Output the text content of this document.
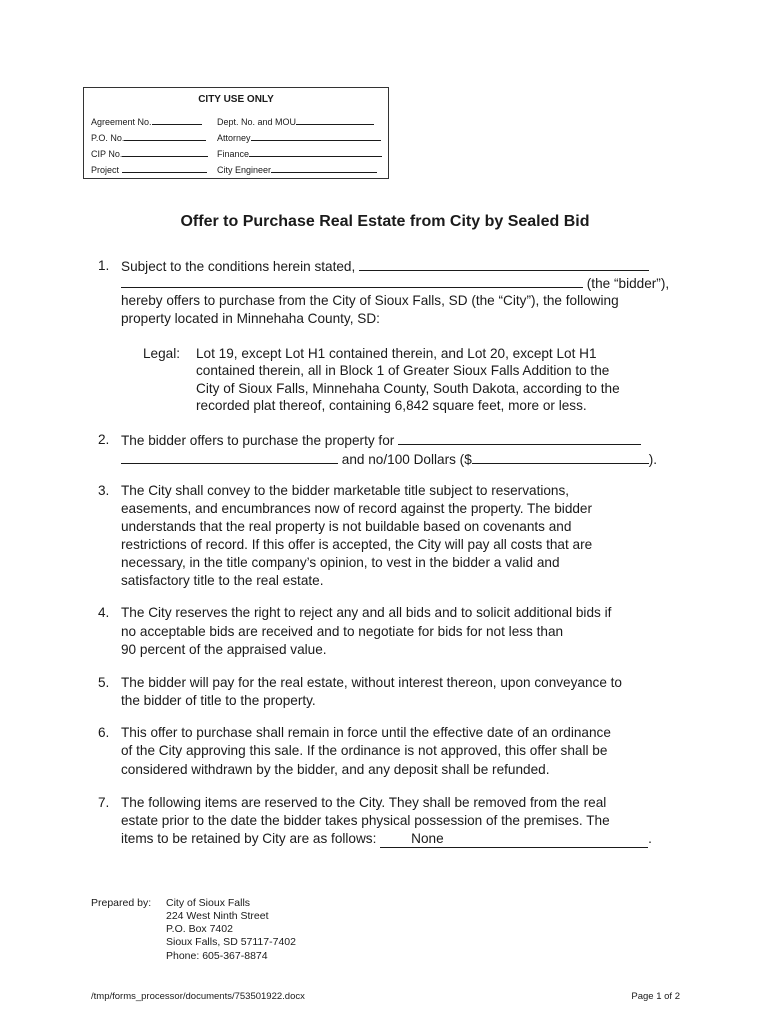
CITY USE ONLY
Agreement No.	Dept. No. and MOU
P.O. No.	Attorney
CIP No.	Finance
Project	City Engineer
Offer to Purchase Real Estate from City by Sealed Bid
1. Subject to the conditions herein stated,
(the “bidder”),
hereby offers to purchase from the City of Sioux Falls, SD (the “City”), the following
property located in Minnehaha County, SD:
Legal: Lot 19, except Lot H1 contained therein, and Lot 20, except Lot H1
contained therein, all in Block 1 of Greater Sioux Falls Addition to the
City of Sioux Falls, Minnehaha County, South Dakota, according to the
recorded plat thereof, containing 6,842 square feet, more or less.
2. The bidder offers to purchase the property for
and no/100 Dollars ($	).
3. The City shall convey to the bidder marketable title subject to reservations,
easements, and encumbrances now of record against the property. The bidder
understands that the real property is not buildable based on covenants and
restrictions of record. If this offer is accepted, the City will pay all costs that are
necessary, in the title company’s opinion, to vest in the bidder a valid and
satisfactory title to the real estate.
4. The City reserves the right to reject any and all bids and to solicit additional bids if
no acceptable bids are received and to negotiate for bids for not less than
90 percent of the appraised value.
5. The bidder will pay for the real estate, without interest thereon, upon conveyance to
the bidder of title to the property.
6. This offer to purchase shall remain in force until the effective date of an ordinance
of the City approving this sale. If the ordinance is not approved, this offer shall be
considered withdrawn by the bidder, and any deposit shall be refunded.
7. The following items are reserved to the City. They shall be removed from the real
estate prior to the date the bidder takes physical possession of the premises. The
items to be retained by City are as follows:	None	.
Prepared by: City of Sioux Falls
224 West Ninth Street
P.O. Box 7402
Sioux Falls, SD 57117-7402
Phone: 605-367-8874
/tmp/forms_processor/documents/753501922.docx	Page 1 of 2
